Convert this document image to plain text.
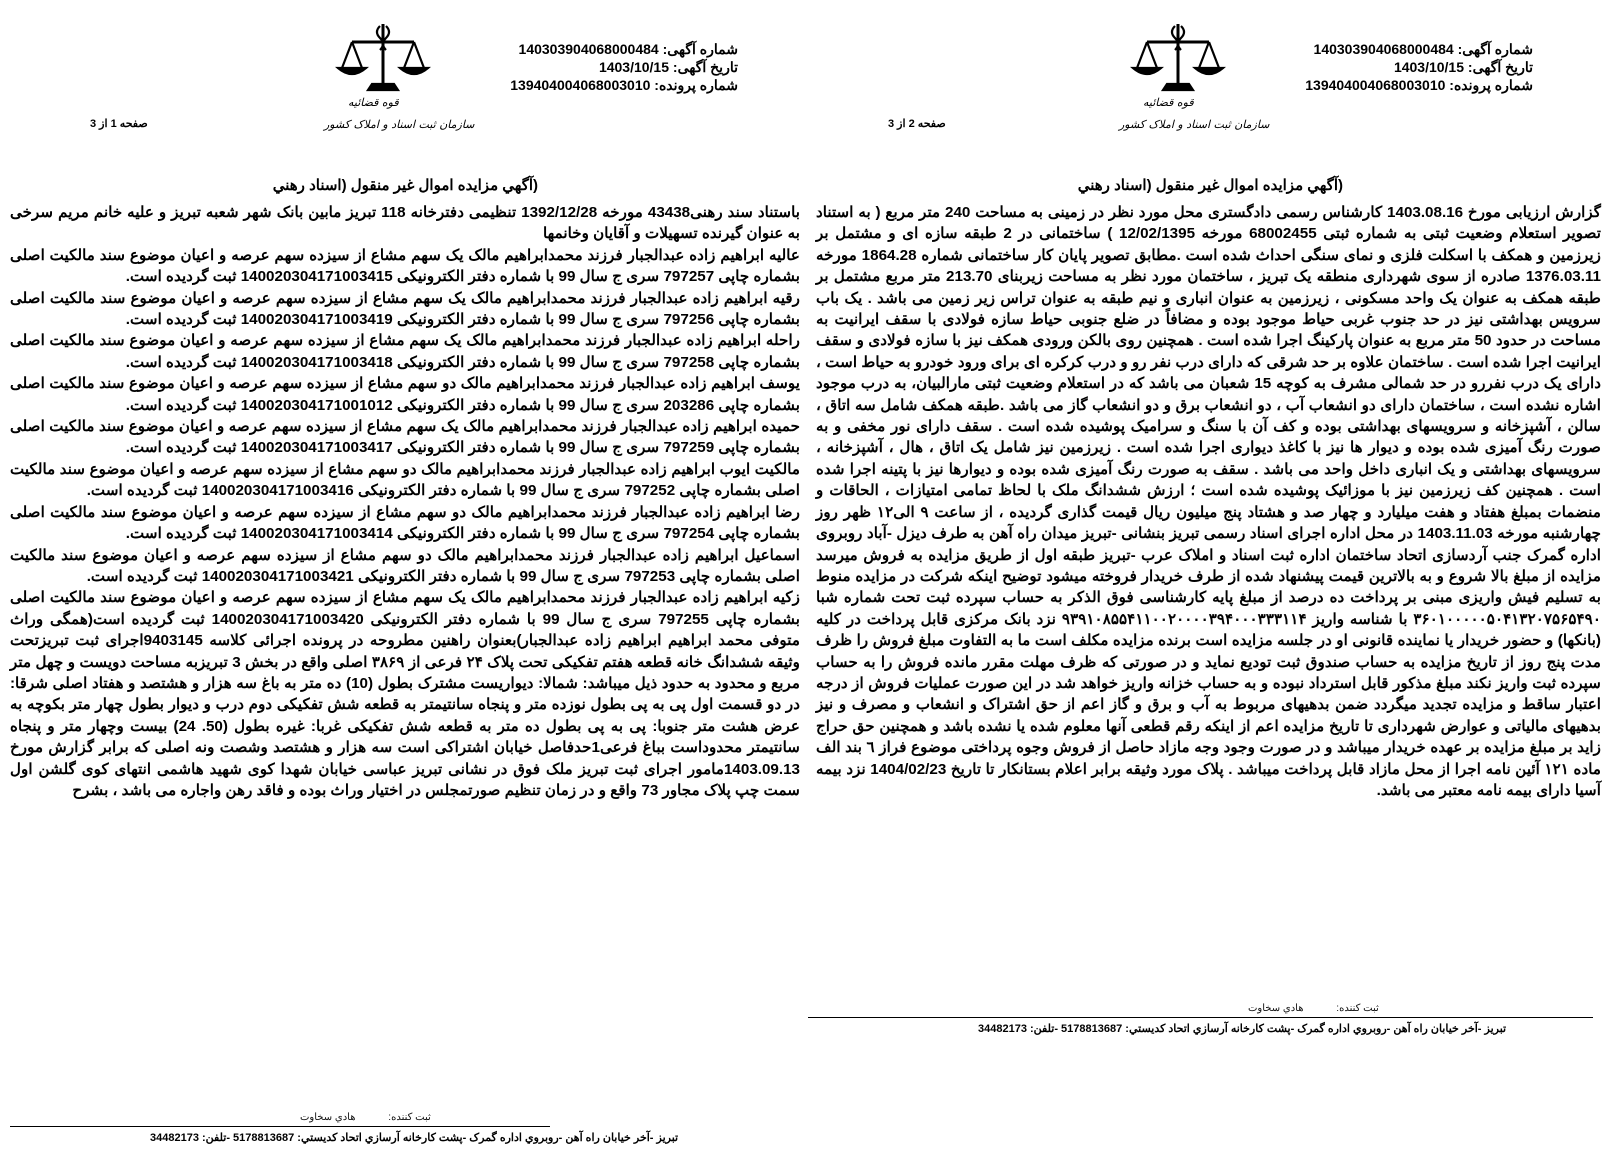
شماره آگهی: 140303904068000484
تاریخ آگهی: 1403/10/15
شماره پرونده: 139404004068003010
قوه قضائیه
سازمان ثبت اسناد و املاک کشور
صفحه 1 از 3
(آگهي مزايده اموال غير منقول (اسناد رهني

باستناد سند رهنی43438 مورخه 1392/12/28 تنظیمی دفترخانه 118 تبریز مابین بانک شهر شعبه تبریز و علیه خانم مریم سرخی به عنوان گیرنده تسهیلات و آقایان وخانمها

عالیه ابراهیم زاده عبدالجبار فرزند محمدابراهیم مالک یک سهم مشاع از سیزده سهم عرصه و اعیان موضوع سند مالکیت اصلی بشماره چاپی 797257 سری ج سال 99 با شماره دفتر الکترونیکی 140020304171003415 ثبت گردیده است.

رقیه ابراهیم زاده عبدالجبار فرزند محمدابراهیم مالک یک سهم مشاع از سیزده سهم عرصه و اعیان موضوع سند مالکیت اصلی بشماره چاپی 797256 سری ج سال 99 با شماره دفتر الکترونیکی 140020304171003419 ثبت گردیده است.

راحله ابراهیم زاده عبدالجبار فرزند محمدابراهیم مالک یک سهم مشاع از سیزده سهم عرصه و اعیان موضوع سند مالکیت اصلی بشماره چاپی 797258 سری ج سال 99 با شماره دفتر الکترونیکی 140020304171003418 ثبت گردیده است.

یوسف ابراهیم زاده عبدالجبار فرزند محمدابراهیم مالک دو سهم مشاع از سیزده سهم عرصه و اعیان موضوع سند مالکیت اصلی بشماره چاپی 203286 سری ج سال 99 با شماره دفتر الکترونیکی 140020304171001012 ثبت گردیده است.

حمیده ابراهیم زاده عبدالجبار فرزند محمدابراهیم مالک یک سهم مشاع از سیزده سهم عرصه و اعیان موضوع سند مالکیت اصلی بشماره چاپی 797259 سری ج سال 99 با شماره دفتر الکترونیکی 140020304171003417 ثبت گردیده است.

مالکیت ایوب ابراهیم زاده عبدالجبار فرزند محمدابراهیم مالک دو سهم مشاع از سیزده سهم عرصه و اعیان موضوع سند مالکیت اصلی بشماره چاپی 797252 سری ج سال 99 با شماره دفتر الکترونیکی 140020304171003416 ثبت گردیده است.

رضا ابراهیم زاده عبدالجبار فرزند محمدابراهیم مالک دو سهم مشاع از سیزده سهم عرصه و اعیان موضوع سند مالکیت اصلی بشماره چاپی 797254 سری ج سال 99 با شماره دفتر الکترونیکی 140020304171003414 ثبت گردیده است.

اسماعیل ابراهیم زاده عبدالجبار فرزند محمدابراهیم مالک دو سهم مشاع از سیزده سهم عرصه و اعیان موضوع سند مالکیت اصلی بشماره چاپی 797253 سری ج سال 99 با شماره دفتر الکترونیکی 140020304171003421 ثبت گردیده است.

زکیه ابراهیم زاده عبدالجبار فرزند محمدابراهیم مالک یک سهم مشاع از سیزده سهم عرصه و اعیان موضوع سند مالکیت اصلی بشماره چاپی 797255 سری ج سال 99 با شماره دفتر الکترونیکی 140020304171003420 ثبت گردیده است(همگی وراث متوفی محمد ابراهیم ابراهیم زاده عبدالجبار)بعنوان راهنین مطروحه در پرونده اجرائی کلاسه 9403145اجرای ثبت تبریزتحت وثیقه ششدانگ خانه قطعه هفتم تفکیکی تحت پلاک ۲۴ فرعی از ۳۸۶۹ اصلی واقع در بخش 3 تبریزبه مساحت دویست و چهل متر مربع و محدود به حدود ذیل میباشد: شمالا: دیواریست مشترک بطول (10) ده متر به باغ سه هزار و هشتصد و هفتاد اصلی شرقا: در دو قسمت اول پی به پی بطول نوزده متر و پنجاه سانتیمتر به قطعه شش تفکیکی دوم درب و دیوار بطول چهار متر بکوچه به عرض هشت متر جنوبا: پی به پی بطول ده متر به قطعه شش تفکیکی غربا: غیره بطول (50. 24) بیست وچهار متر و پنجاه سانتیمتر محدوداست بباغ فرعی1حدفاصل خیابان اشتراکی است سه هزار و هشتصد وشصت ونه اصلی که برابر گزارش مورخ 1403.09.13مامور اجرای ثبت تبریز ملک فوق در نشانی تبریز عباسی خیابان شهدا کوی شهید هاشمی انتهای کوی گلشن اول سمت چپ پلاک مجاور 73 واقع و در زمان تنظیم صورتمجلس در اختیار وراث بوده و فاقد رهن واجاره می باشد ، بشرح

ثبت کننده: هادي سخاوت
تبريز -آخر خيابان راه آهن -روبروي اداره گمرک -پشت کارخانه آرسازي اتحاد کديستي: 5178813687 -تلفن: 34482173
شماره آگهی: 140303904068000484
تاریخ آگهی: 1403/10/15
شماره پرونده: 139404004068003010
قوه قضائیه
سازمان ثبت اسناد و املاک کشور
صفحه 2 از 3
(آگهي مزايده اموال غير منقول (اسناد رهني

گزارش ارزیابی مورخ 1403.08.16 کارشناس رسمی دادگستری محل مورد نظر در زمینی به مساحت 240 متر مربع ( به استناد تصویر استعلام وضعیت ثبتی به شماره ثبتی 68002455 مورخه 12/02/1395 ) ساختمانی در 2 طبقه سازه ای و مشتمل بر زیرزمین و همکف با اسکلت فلزی و نمای سنگی احداث شده است .مطابق تصویر پایان کار ساختمانی شماره 1864.28 مورخه 1376.03.11 صادره از سوی شهرداری منطقه یک تبریز ، ساختمان مورد نظر به مساحت زیربنای 213.70 متر مربع مشتمل بر طبقه همکف به عنوان یک واحد مسکونی ، زیرزمین به عنوان انباری و نیم طبقه به عنوان تراس زیر زمین می باشد . یک باب سرویس بهداشتی نیز در حد جنوب غربی حیاط موجود بوده و مضافاً در ضلع جنوبی حیاط سازه فولادی با سقف ایرانیت به مساحت در حدود 50 متر مربع به عنوان پارکینگ اجرا شده است . همچنین روی بالکن ورودی همکف نیز با سازه فولادی و سقف ایرانیت اجرا شده است . ساختمان علاوه بر حد شرقی که دارای درب نفر رو و درب کرکره ای برای ورود خودرو به حیاط است ، دارای یک درب نفررو در حد شمالی مشرف به کوچه 15 شعبان می باشد که در استعلام وضعیت ثبتی مارالبیان، به درب موجود اشاره نشده است ، ساختمان دارای دو انشعاب آب ، دو انشعاب برق و دو انشعاب گاز می باشد .طبقه همکف شامل سه اتاق ، سالن ، آشپزخانه و سرویسهای بهداشتی بوده و کف آن با سنگ و سرامیک پوشیده شده است . سقف دارای نور مخفی و به صورت رنگ آمیزی شده بوده و دیوار ها نیز با کاغذ دیواری اجرا شده است . زیرزمین نیز شامل یک اتاق ، هال ، آشپزخانه ، سرویسهای بهداشتی و یک انباری داخل واحد می باشد . سقف به صورت رنگ آمیزی شده بوده و دیوارها نیز با پتینه اجرا شده است . همچنین کف زیرزمین نیز با موزائیک پوشیده شده است ؛ ارزش ششدانگ ملک با لحاظ تمامی امتیازات ، الحاقات و منضمات بمبلغ هفتاد و هفت میلیارد و چهار صد و هشتاد پنج میلیون ریال قیمت گذاری گردیده ، از ساعت ۹ الی۱۲ ظهر روز چهارشنبه مورخه 1403.11.03 در محل اداره اجرای اسناد رسمی تبریز بنشانی -تبریز میدان راه آهن به طرف دیزل -آباد روبروی اداره گمرک جنب آردسازی اتحاد ساختمان اداره ثبت اسناد و املاک عرب -تبریز طبقه اول از طریق مزایده به فروش میرسد مزایده از مبلغ بالا شروع و به بالاترین قیمت پیشنهاد شده از طرف خریدار فروخته میشود توضیح اینکه شرکت در مزایده منوط به تسلیم فیش واریزی مبنی بر پرداخت ده درصد از مبلغ پایه کارشناسی فوق الذکر به حساب سپرده ثبت تحت شماره شبا ۳۶۰۱۰۰۰۰۰۵۰۴۱۳۲۰۷۵۶۵۴۹۰ با شناسه واریز ۹۳۹۱۰۸۵۵۴۱۱۰۰۲۰۰۰۰۳۹۴۰۰۰۳۳۳۱۱۴ نزد بانک مرکزی قابل پرداخت در کلیه (بانکها) و حضور خریدار یا نماینده قانونی او در جلسه مزایده است برنده مزایده مکلف است ما به التفاوت مبلغ فروش را ظرف مدت پنج روز از تاریخ مزایده به حساب صندوق ثبت تودیع نماید و در صورتی که ظرف مهلت مقرر مانده فروش را به حساب سپرده ثبت واریز نکند مبلغ مذکور قابل استرداد نبوده و به حساب خزانه واریز خواهد شد در این صورت عملیات فروش از درجه اعتبار ساقط و مزایده تجدید میگردد ضمن بدهیهای مربوط به آب و برق و گاز اعم از حق اشتراک و انشعاب و مصرف و نیز بدهیهای مالیاتی و عوارض شهرداری تا تاریخ مزایده اعم از اینکه رقم قطعی آنها معلوم شده یا نشده باشد و همچنین حق حراج زاید بر مبلغ مزایده بر عهده خریدار میباشد و در صورت وجود وجه مازاد حاصل از فروش وجوه پرداختی موضوع فراز ٦ بند الف ماده ١٢١ آئین نامه اجرا از محل مازاد قابل پرداخت میباشد . پلاک مورد وثیقه برابر اعلام بستانکار تا تاریخ 1404/02/23 نزد بیمه آسیا دارای بیمه نامه معتبر می باشد.

ثبت کننده: هادي سخاوت
تبريز -آخر خيابان راه آهن -روبروي اداره گمرک -پشت کارخانه آرسازي اتحاد کديستي: 5178813687 -تلفن: 34482173
